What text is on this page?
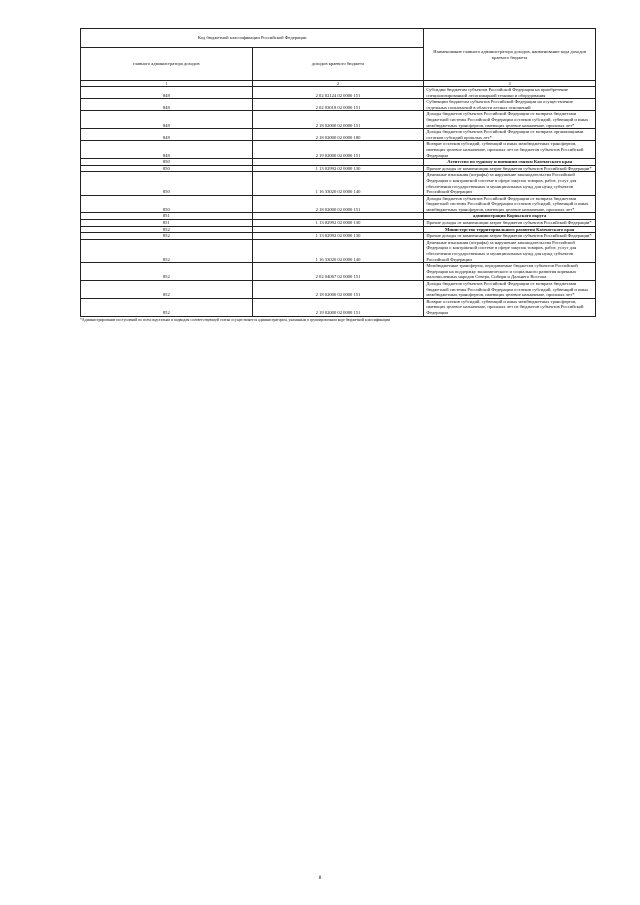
Код бюджетной классификации Российской Федерации		Наименование главного администратора доходов, наименование кода доходов краевого бюджета
главного администратора доходов	доходов краевого бюджета	
1	2	3
848	2 02 02124 02 0000 151	Субсидии бюджетам субъектов Российской Федерации на приобретение специализированной лесопожарной техники и оборудования
848	2 02 03018 02 0000 151	Субвенции бюджетам субъектов Российской Федерации на осуществление отдельных полномочий в области лесных отношений
848	2 18 02000 02 0000 151	Доходы бюджетов субъектов Российской Федерации от возврата бюджетами бюджетной системы Российской Федерации остатков субсидий, субвенций и иных межбюджетных трансфертов, имеющих целевое назначение, прошлых лет*
848	2 18 02000 02 0000 180	Доходы бюджетов субъектов Российской Федерации от возврата организациями остатков субсидий прошлых лет*
848	2 19 02000 02 0000 151	Возврат остатков субсидий, субвенций и иных межбюджетных трансфертов, имеющих целевое назначение, прошлых лет из бюджетов субъектов Российской Федерации
850		Агентство по туризму и внешним связям Камчатского края
850	1 13 02992 02 0000 130	Прочие доходы от компенсации затрат бюджетов субъектов Российской Федерации*
850	1 16 33020 02 0000 140	Денежные взыскания (штрафы) за нарушение законодательства Российской Федерации о контрактной системе в сфере закупок товаров, работ, услуг для обеспечения государственных и муниципальных нужд для нужд субъектов Российской Федерации
850	2 18 02000 02 0000 151	Доходы бюджетов субъектов Российской Федерации от возврата бюджетами бюджетной системы Российской Федерации остатков субсидий, субвенций и иных межбюджетных трансфертов, имеющих целевое назначение, прошлых лет*
851		администрация Корякского округа
851	1 13 02992 02 0000 130	Прочие доходы от компенсации затрат бюджетов субъектов Российской Федерации*
852		Министерство территориального развития Камчатского края
852	1 13 02992 02 0000 130	Прочие доходы от компенсации затрат бюджетов субъектов Российской Федерации*
852	1 16 33020 02 0000 140	Денежные взыскания (штрафы) за нарушение законодательства Российской Федерации о контрактной системе в сфере закупок товаров, работ, услуг для обеспечения государственных и муниципальных нужд для нужд субъектов Российской Федерации
852	2 02 04067 02 0000 151	Межбюджетные трансферты, передаваемые бюджетам субъектов Российской Федерации на поддержку экономического и социального развития коренных малочисленных народов Севера, Сибири и Дальнего Востока
852	2 18 02000 02 0000 151	Доходы бюджетов субъектов Российской Федерации от возврата бюджетами бюджетной системы Российской Федерации остатков субсидий, субвенций и иных межбюджетных трансфертов, имеющих целевое назначение, прошлых лет*
852	2 19 02000 02 0000 151	Возврат остатков субсидий, субвенций и иных межбюджетных трансфертов, имеющих целевое назначение, прошлых лет из бюджетов субъектов Российской Федерации
*Администрирование поступлений по всем подстатьям и подвидам соответствующей статьи осуществляется администратором, указанным в группировочном коде бюджетной классификации
8
